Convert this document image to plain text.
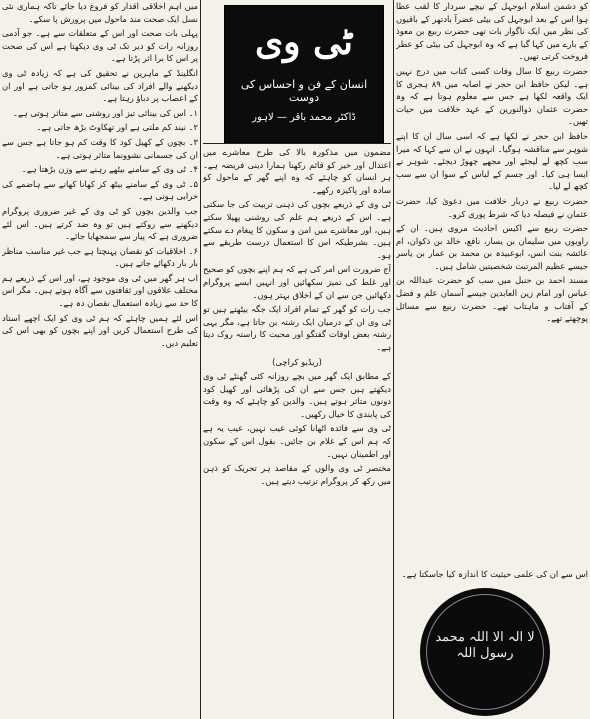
ٹی وی
انسان کے فن و احساس کی دوست
ڈاکٹر محمد باقر — لاہور

کو دشمن اسلام ابوجہل کے نیچے سردار کا لقب عطا ہوا اس کے بعد ابوجہل کی بیٹی عضرآ بادتھر کے باقیوں کی نظر میں ایک ناگوار بات تھی حضرت ربیع بن معوذ کے بارے میں کہا گیا ہے کہ وہ ابوجہل کی بیٹی کو عطر فروخت کرتی تھیں۔

حضرت ربیع کا سال وفات کسی کتاب میں درج نہیں ہے۔ لیکن حافظ ابن حجر نے اصابہ میں ۸۹ ہجری کا ایک واقعہ لکھا ہے جس سے معلوم ہوتا ہے کہ وہ حضرت عثمان ذوالنورین کے عہد خلافت میں حیات تھیں۔

حافظ ابن حجر نے لکھا ہے کہ اسی سال ان کا اپنے شوہر سے مناقشہ ہوگیا۔ انہوں نے ان سے کہا کہ میرا سب کچھ لے لیجئے اور مجھے چھوڑ دیجئے۔ شوہر نے ایسا ہی کیا۔ اور جسم کے لباس کے سوا ان سے سب کچھ لے لیا۔

حضرت ربیع نے دربار خلافت میں دعویٰ کیا، حضرت عثمان نے فیصلہ دیا کہ شرط پوری کرو۔

حضرت ربیع سے اکیس احادیث مروی ہیں۔ ان کے راویوں میں سلیمان بن یسار، نافع، خالد بن ذکوان، ام عائشہ بنت انس، ابوعبیدہ بن محمد بن عمار بن یاسر جیسے عظیم المرتبت شخصیتیں شامل ہیں۔

مسند احمد بن حنبل میں سب کو حضرت عبداللہ بن عباس اور امام زین العابدین جیسے آسمان علم و فضل کے آفتاب و ماہتاب تھے۔ حضرت ربیع سے مسائل پوچھتے تھے۔

اس سے ان کی علمی حیثیت کا اندازہ کیا جاسکتا ہے۔

مضمون میں مذکورہ بالا کی طرح معاشرے میں اعتدال اور خیر کو قائم رکھنا ہمارا دینی فریضہ ہے۔ ہر انسان کو چاہئے کہ وہ اپنے گھر کے ماحول کو سادہ اور پاکیزہ رکھے۔

ٹی وی کے ذریعے بچوں کی ذہنی تربیت کی جا سکتی ہے۔ اس کے ذریعے ہم علم کی روشنی پھیلا سکتے ہیں، اور معاشرے میں امن و سکون کا پیغام دے سکتے ہیں۔ بشرطیکہ اس کا استعمال درست طریقے سے ہو۔

آج ضرورت اس امر کی ہے کہ ہم اپنے بچوں کو صحیح اور غلط کی تمیز سکھائیں اور انہیں ایسے پروگرام دکھائیں جن سے ان کے اخلاق بہتر ہوں۔

جب رات کو گھر کے تمام افراد ایک جگہ بیٹھتے ہیں تو ٹی وی ان کے درمیان ایک رشتہ بن جاتا ہے، مگر یہی رشتہ بعض اوقات گفتگو اور محبت کا راستہ روک دیتا ہے۔

(ریڈیو کراچی)

کے مطابق ایک گھر میں بچے روزانہ کئی گھنٹے ٹی وی دیکھتے ہیں جس سے ان کی پڑھائی اور کھیل کود دونوں متاثر ہوتے ہیں۔ والدین کو چاہئے کہ وہ وقت کی پابندی کا خیال رکھیں۔

ٹی وی سے فائدہ اٹھانا کوئی عیب نہیں، عیب یہ ہے کہ ہم اس کے غلام بن جائیں۔ بقول اس کے سکون اور اطمینان نہیں۔

مختصر ٹی وی والوں کے مقاصد ہر تحریک کو ذہن میں رکھ کر پروگرام ترتیب دیتے ہیں۔

میں اہم اخلاقی اقدار کو فروغ دیا جائے تاکہ ہماری نئی نسل ایک صحت مند ماحول میں پرورش پا سکے۔

پہلی بات صحت اور اس کے متعلقات سے ہے۔ جو آدمی روزانہ رات کو دیر تک ٹی وی دیکھتا ہے اس کی صحت پر اس کا برا اثر پڑتا ہے۔

انگلینڈ کے ماہرین نے تحقیق کی ہے کہ زیادہ ٹی وی دیکھنے والے افراد کی بینائی کمزور ہو جاتی ہے اور ان کے اعصاب پر دباؤ رہتا ہے۔

۱۔ اس کی بینائی تیز اور روشنی سے متاثر ہوتی ہے۔

۲۔ نیند کم ملتی ہے اور تھکاوٹ بڑھ جاتی ہے۔

۳۔ بچوں کے کھیل کود کا وقت کم ہو جاتا ہے جس سے ان کی جسمانی نشوونما متاثر ہوتی ہے۔

۴۔ ٹی وی کے سامنے بیٹھے رہنے سے وزن بڑھتا ہے۔

۵۔ ٹی وی کے سامنے بیٹھ کر کھانا کھانے سے ہاضمے کی خرابی ہوتی ہے۔

جب والدین بچوں کو ٹی وی کے غیر ضروری پروگرام دیکھنے سے روکتے ہیں تو وہ ضد کرتے ہیں۔ اس لئے ضروری ہے کہ پیار سے سمجھایا جائے۔

۶۔ اخلاقیات کو نقصان پہنچتا ہے جب غیر مناسب مناظر بار بار دکھائے جاتے ہیں۔

اب ہر گھر میں ٹی وی موجود ہے، اور اس کے ذریعے ہم مختلف علاقوں اور ثقافتوں سے آگاہ ہوتے ہیں۔ مگر اس کا حد سے زیادہ استعمال نقصان دہ ہے۔

اس لئے ہمیں چاہئے کہ ہم ٹی وی کو ایک اچھے استاد کی طرح استعمال کریں اور اپنے بچوں کو بھی اس کی تعلیم دیں۔

لا الہ الا اللہ محمد رسول اللہ
